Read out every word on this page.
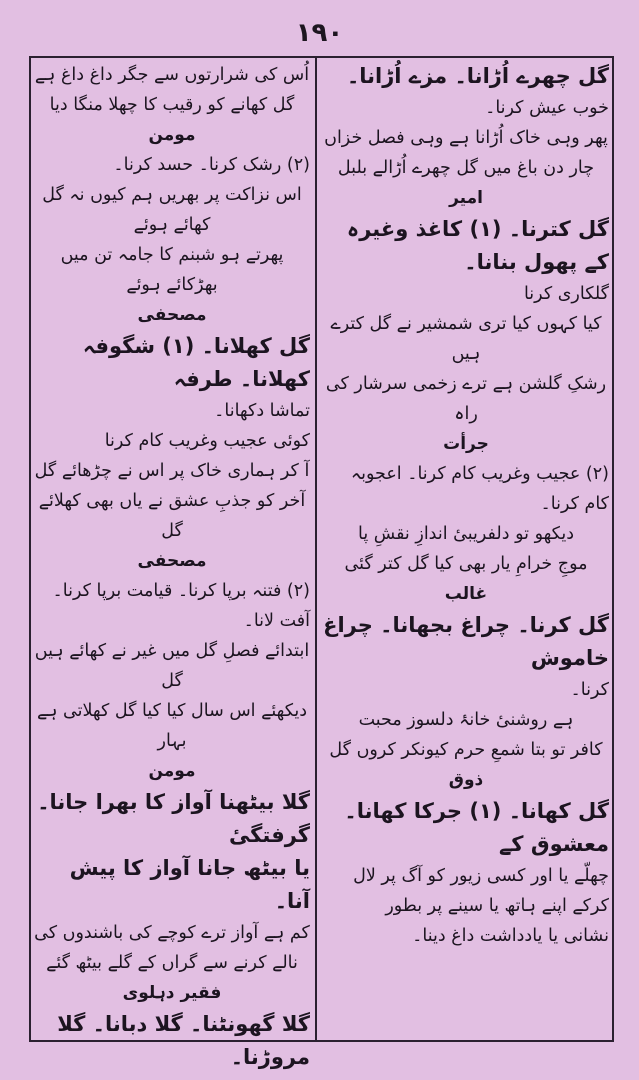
۱۹۰

گل چھرے اُڑانا۔ مزے اُڑانا۔

خوب عیش کرنا۔

پھر وہی خاک اُڑانا ہے وہی فصل خزاں

چار دن باغ میں گل چھرے اُڑالے بلبل

امیر

گل کترنا۔ (۱) کاغذ وغیرہ کے پھول بنانا۔

گلکاری کرنا

کیا کہوں کیا تری شمشیر نے گل کترے ہیں

رشکِ گلشن ہے ترے زخمی سرشار کی راہ

جرأت

(۲) عجیب وغریب کام کرنا۔ اعجوبہ

کام کرنا۔

دیکھو تو دلفریبیٔ اندازِ نقشِ پا

موجِ خرامِ یار بھی کیا گل کتر گئی

غالب

گل کرنا۔ چراغ بجھانا۔ چراغ خاموش

کرنا۔

ہے روشنیٔ خانۂ دلسوز محبت

کافر تو بتا شمعِ حرم کیونکر کروں گل

ذوق

گل کھانا۔ (۱) جرکا کھانا۔ معشوق کے

چھلّے یا اور کسی زیور کو آگ پر لال

کرکے اپنے ہاتھ یا سینے پر بطور

نشانی یا یادداشت داغ دینا۔

اُس کی شرارتوں سے جگر داغ داغ ہے

گل کھانے کو رقیب کا چھلا منگا دیا

مومن

(۲) رشک کرنا۔ حسد کرنا۔

اس نزاکت پر بھریں ہم کیوں نہ گل کھائے ہوئے

پھرتے ہو شبنم کا جامہ تن میں بھڑکائے ہوئے

مصحفی

گل کھلانا۔ (۱) شگوفہ کھلانا۔ طرفہ

تماشا دکھانا۔

کوئی عجیب وغریب کام کرنا

آ کر ہماری خاک پر اس نے چڑھائے گل

آخر کو جذبِ عشق نے یاں بھی کھلائے گل

مصحفی

(۲) فتنہ برپا کرنا۔ قیامت برپا کرنا۔

آفت لانا۔

ابتدائے فصلِ گل میں غیر نے کھائے ہیں گل

دیکھئے اس سال کیا کیا گل کھلاتی ہے بہار

مومن

گلا بیٹھنا آواز کا بھرا جانا۔ گرفتگیٔ

یا بیٹھ جانا آواز کا پیش آنا۔

کم ہے آواز ترے کوچے کی باشندوں کی

نالے کرنے سے گراں کے گلے بیٹھ گئے

فقیر دہلوی

گلا گھونٹنا۔ گلا دبانا۔ گلا مروڑنا۔
